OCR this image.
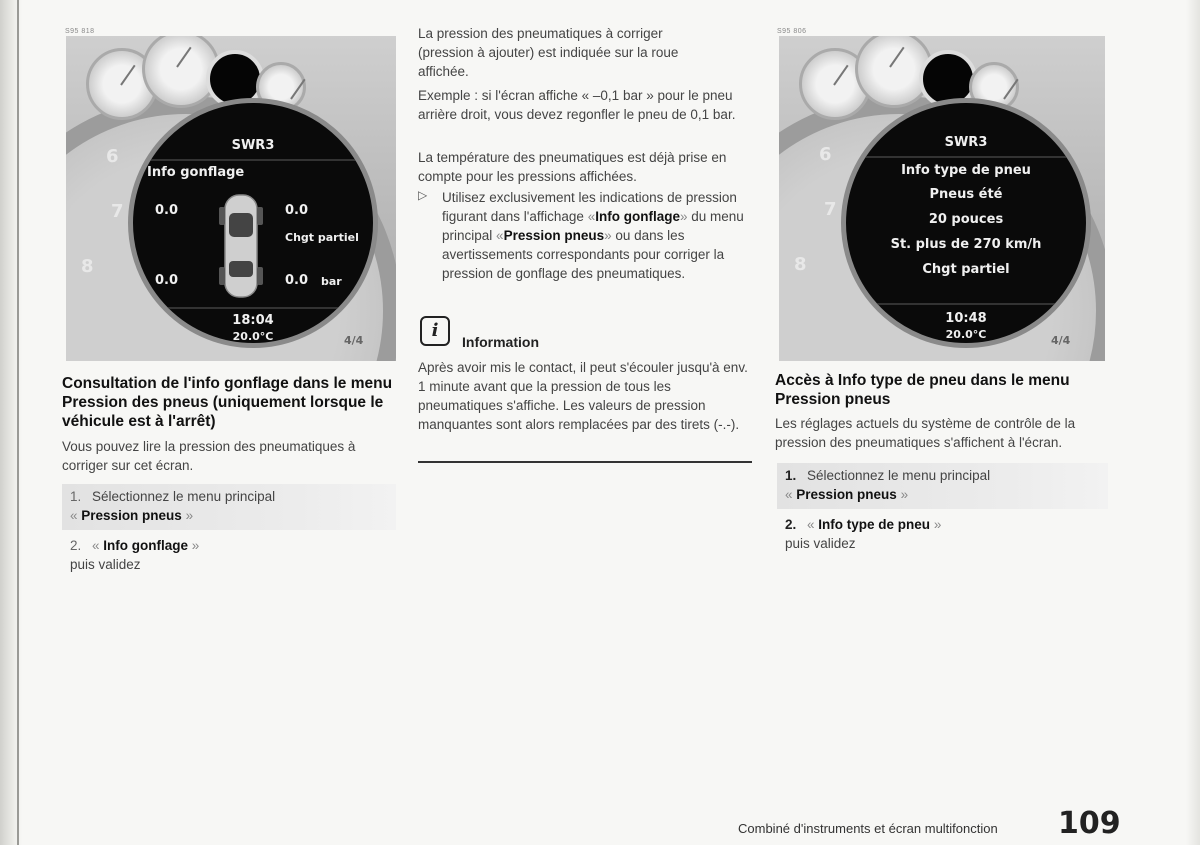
S95 818
6
7
8
4/4
SWR3
Info gonflage
0.0	0.0
Chgt partiel
0.0	0.0 bar
18:04
20.0°C
Consultation de l'info gonflage dans le menu Pression des pneus (uniquement lorsque le véhicule est à l'arrêt)

Vous pouvez lire la pression des pneumatiques à corriger sur cet écran.

1. Sélectionnez le menu principal
« Pression pneus »
2. « Info gonflage »
puis validez

La pression des pneumatiques à corriger (pression à ajouter) est indiquée sur la roue affichée.

Exemple : si l'écran affiche « –0,1 bar » pour le pneu arrière droit, vous devez regonfler le pneu de 0,1 bar.

La température des pneumatiques est déjà prise en compte pour les pressions affichées.

▷	Utilisez exclusivement les indications de pression figurant dans l'affichage «Info gonflage» du menu principal «Pression pneus» ou dans les avertissements correspondants pour corriger la pression de gonflage des pneumatiques.

i
Information

Après avoir mis le contact, il peut s'écouler jusqu'à env. 1 minute avant que la pression de tous les pneumatiques s'affiche. Les valeurs de pression manquantes sont alors remplacées par des tirets (-.-).

S95 806
6
7
8
4/4
SWR3
Info type de pneu
Pneus été
20 pouces
St. plus de 270 km/h
Chgt partiel
10:48
20.0°C
Accès à Info type de pneu dans le menu Pression pneus

Les réglages actuels du système de contrôle de la pression des pneumatiques s'affichent à l'écran.

1. Sélectionnez le menu principal
« Pression pneus »
2. « Info type de pneu »
puis validez
Combiné d'instruments et écran multifonction 109
